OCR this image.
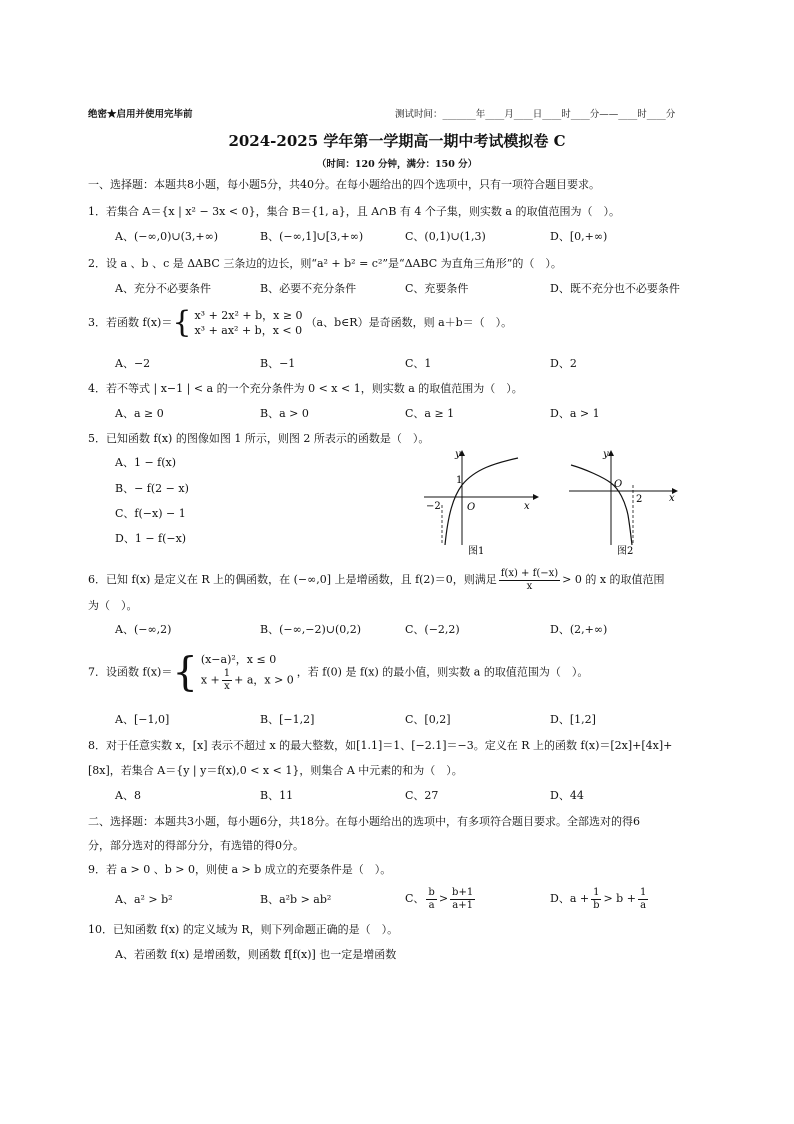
绝密★启用并使用完毕前	测试时间：_______年____月____日____时____分——____时____分
2024-2025 学年第一学期高一期中考试模拟卷 C
（时间：120 分钟，满分：150 分）
一、选择题：本题共8小题，每小题5分，共40分。在每小题给出的四个选项中，只有一项符合题目要求。
1．若集合 A＝{x | x² − 3x < 0}，集合 B＝{1, a}，且 A∩B 有 4 个子集，则实数 a 的取值范围为（　）。
A、(−∞,0)∪(3,+∞)	B、(−∞,1]∪[3,+∞)	C、(0,1)∪(1,3)	D、[0,+∞)
2．设 a 、b 、c 是 ΔABC 三条边的边长，则“a² + b² = c²”是“ΔABC 为直角三角形”的（　）。
A、充分不必要条件	B、必要不充分条件	C、充要条件	D、既不充分也不必要条件
3．若函数 f(x)＝{ x³ + 2x² + b，x ≥ 0
x³ + ax² + b，x < 0
（a、b∈R）是奇函数，则 a＋b＝（　）。
A、−2	B、−1	C、1	D、2
4．若不等式 | x−1 | < a 的一个充分条件为 0 < x < 1，则实数 a 的取值范围为（　）。
A、a ≥ 0	B、a > 0	C、a ≥ 1	D、a > 1
5．已知函数 f(x) 的图像如图 1 所示，则图 2 所表示的函数是（　）。
A、1 − f(x)
B、− f(2 − x)
C、f(−x) − 1
D、1 − f(−x)
y
x
O
1
−2
图1
y
x
O
2
图2
6．已知 f(x) 是定义在 R 上的偶函数，在 (−∞,0] 上是增函数，且 f(2)＝0，则满足 $\frac{f(x) + f(-x)}{x} > 0$ 的 x 的取值范围
为（　）。
A、(−∞,2)	B、(−∞,−2)∪(0,2)	C、(−2,2)	D、(2,+∞)
7．设函数 f(x)＝{ (x−a)²，x ≤ 0
$x + \frac{1}{x} + a$，x > 0
，若 f(0) 是 f(x) 的最小值，则实数 a 的取值范围为（　）。
A、[−1,0]	B、[−1,2]	C、[0,2]	D、[1,2]
8．对于任意实数 x，[x] 表示不超过 x 的最大整数，如[1.1]＝1、[−2.1]＝−3。定义在 R 上的函数 f(x)＝[2x]+[4x]+
[8x]，若集合 A＝{y | y＝f(x),0 < x < 1}，则集合 A 中元素的和为（　）。
A、8	B、11	C、27	D、44
二、选择题：本题共3小题，每小题6分，共18分。在每小题给出的选项中，有多项符合题目要求。全部选对的得6
分，部分选对的得部分分，有选错的得0分。
9．若 a > 0 、b > 0，则使 a > b 成立的充要条件是（　）。
A、a² > b²	B、a²b > ab²	C、 $\frac{b}{a} > \frac{b+1}{a+1}$	D、$a + \frac{1}{b} > b + \frac{1}{a}$
10．已知函数 f(x) 的定义域为 R，则下列命题正确的是（　）。
A、若函数 f(x) 是增函数，则函数 f[f(x)] 也一定是增函数
